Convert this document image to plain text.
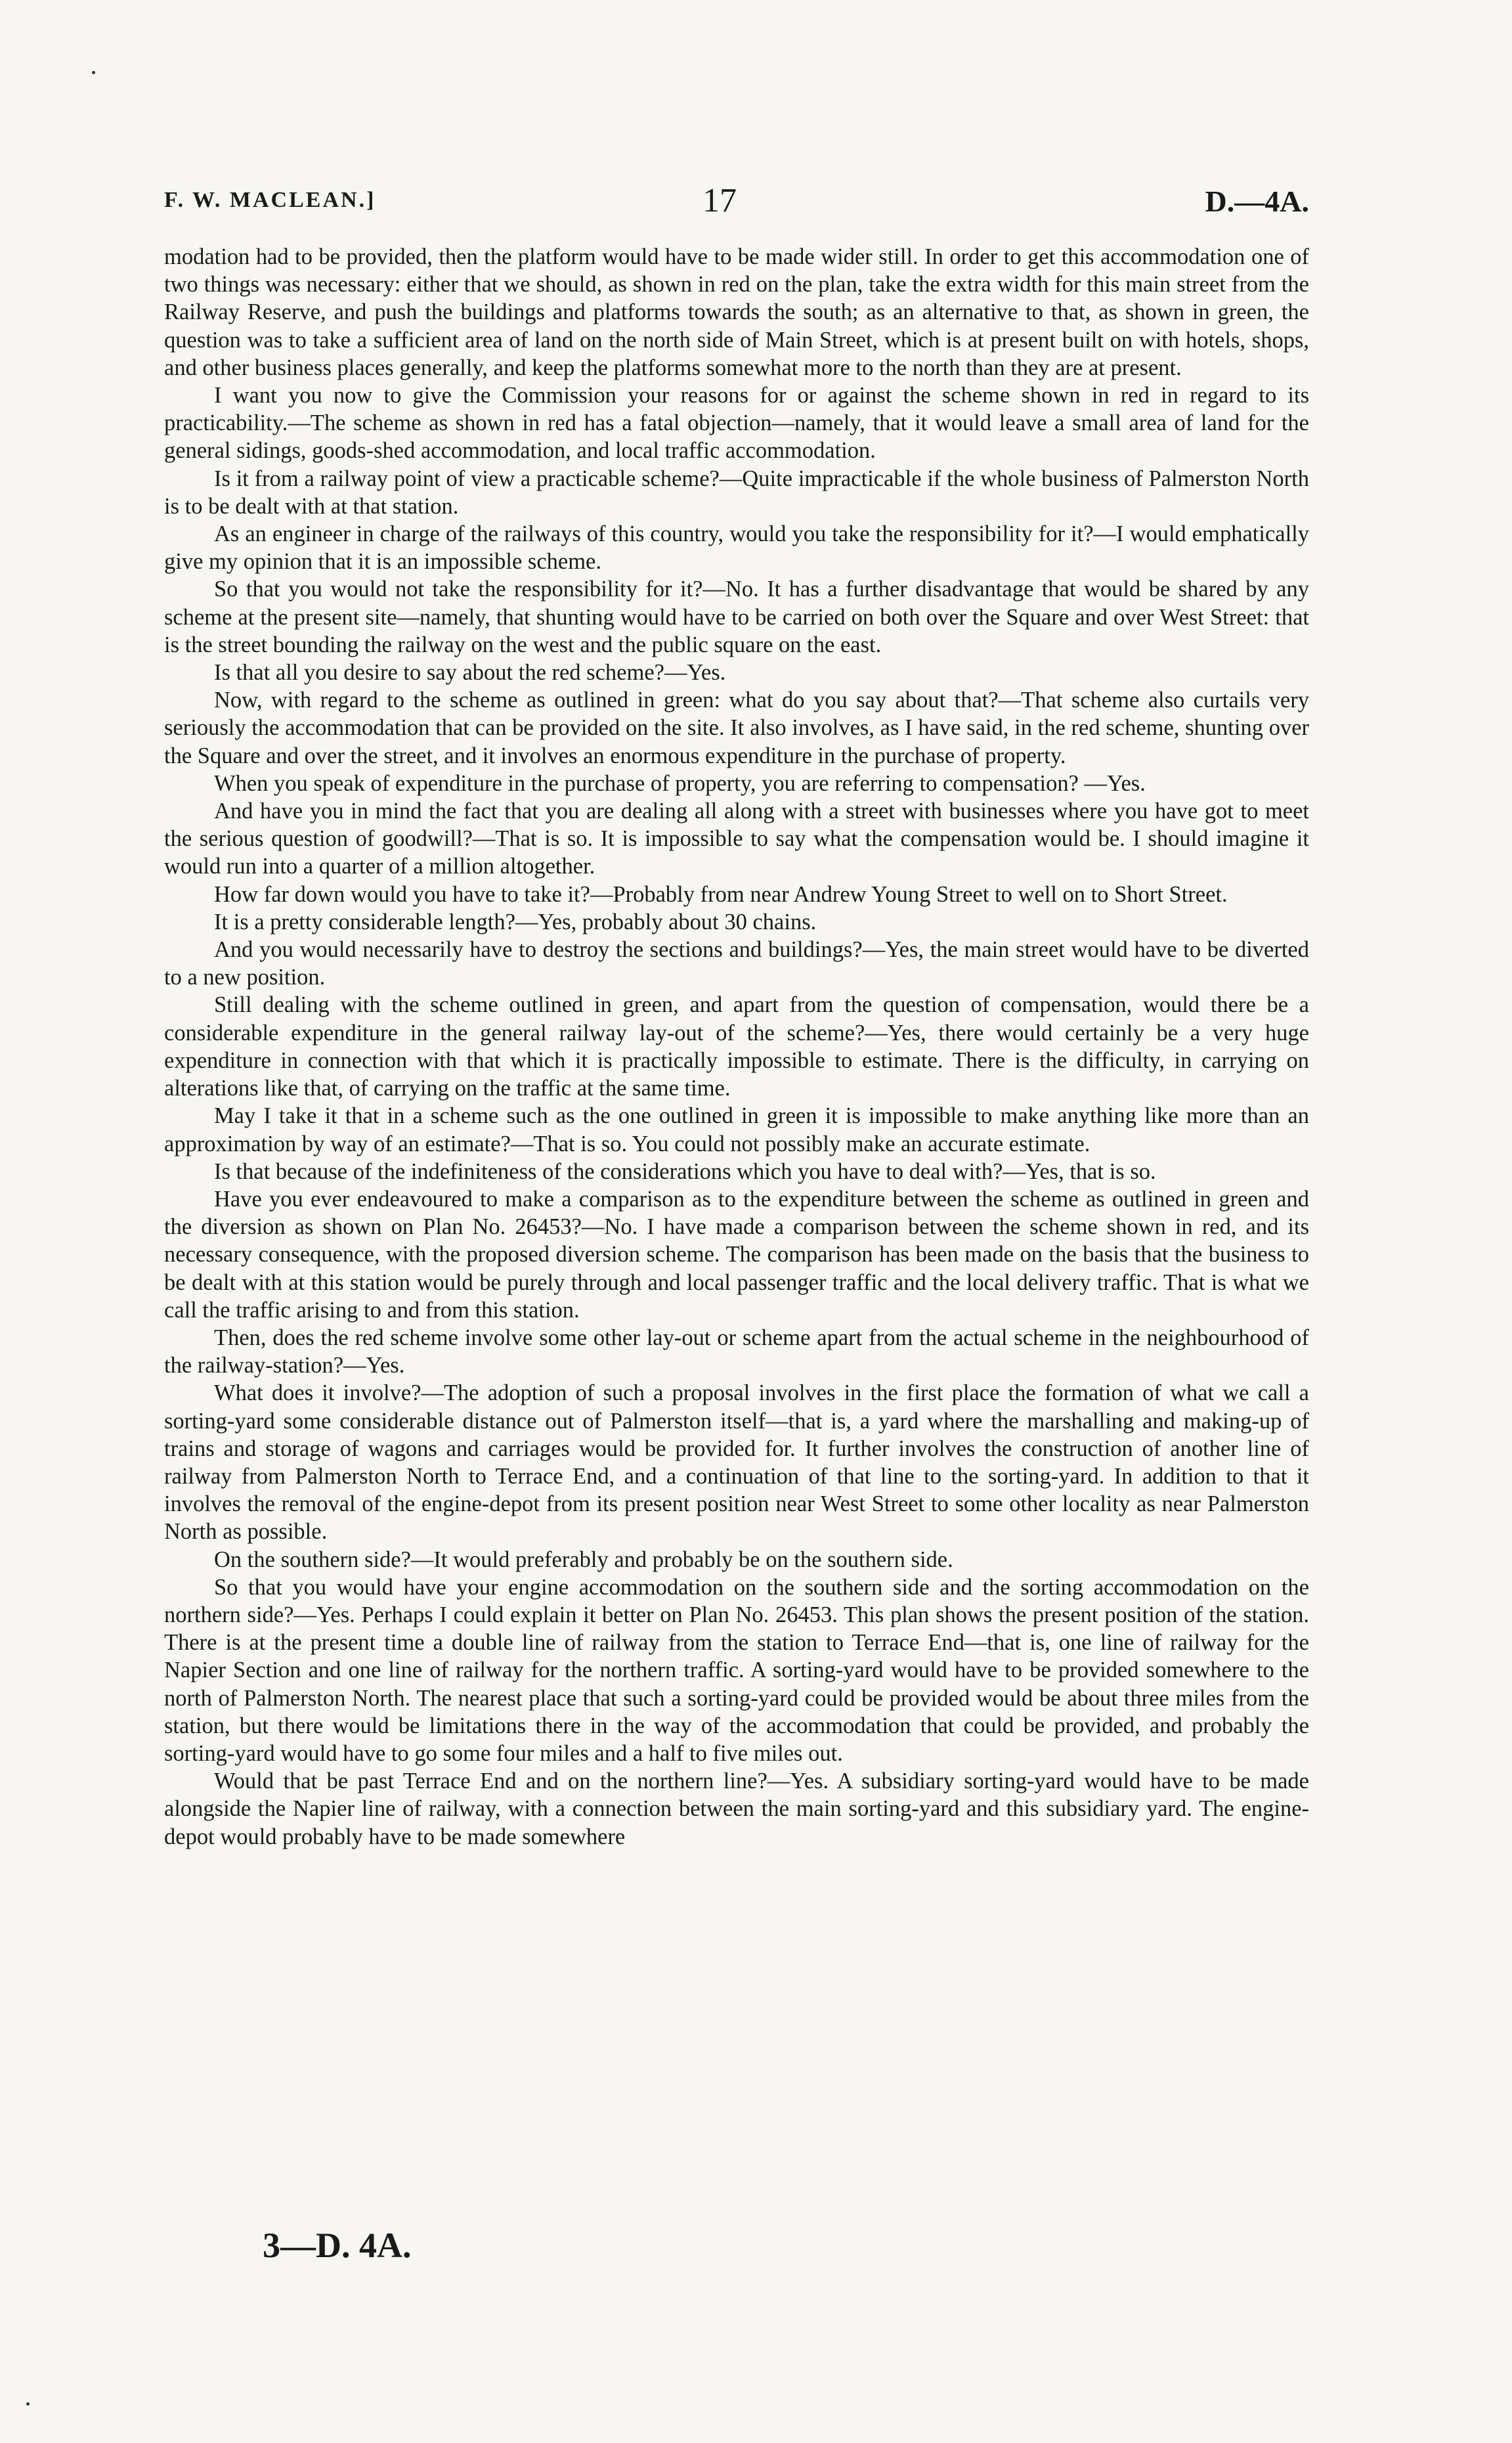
F. W. MACLEAN.]	17	D.—4A.

modation had to be provided, then the platform would have to be made wider still. In order to get this accommodation one of two things was necessary: either that we should, as shown in red on the plan, take the extra width for this main street from the Railway Reserve, and push the buildings and platforms towards the south; as an alternative to that, as shown in green, the question was to take a sufficient area of land on the north side of Main Street, which is at present built on with hotels, shops, and other business places generally, and keep the platforms somewhat more to the north than they are at present.

I want you now to give the Commission your reasons for or against the scheme shown in red in regard to its practicability.—The scheme as shown in red has a fatal objection—namely, that it would leave a small area of land for the general sidings, goods-shed accommodation, and local traffic accommodation.

Is it from a railway point of view a practicable scheme?—Quite impracticable if the whole business of Palmerston North is to be dealt with at that station.

As an engineer in charge of the railways of this country, would you take the responsibility for it?—I would emphatically give my opinion that it is an impossible scheme.

So that you would not take the responsibility for it?—No. It has a further disadvantage that would be shared by any scheme at the present site—namely, that shunting would have to be carried on both over the Square and over West Street: that is the street bounding the railway on the west and the public square on the east.

Is that all you desire to say about the red scheme?—Yes.

Now, with regard to the scheme as outlined in green: what do you say about that?—That scheme also curtails very seriously the accommodation that can be provided on the site. It also involves, as I have said, in the red scheme, shunting over the Square and over the street, and it involves an enormous expenditure in the purchase of property.

When you speak of expenditure in the purchase of property, you are referring to compensation? —Yes.

And have you in mind the fact that you are dealing all along with a street with businesses where you have got to meet the serious question of goodwill?—That is so. It is impossible to say what the compensation would be. I should imagine it would run into a quarter of a million altogether.

How far down would you have to take it?—Probably from near Andrew Young Street to well on to Short Street.

It is a pretty considerable length?—Yes, probably about 30 chains.

And you would necessarily have to destroy the sections and buildings?—Yes, the main street would have to be diverted to a new position.

Still dealing with the scheme outlined in green, and apart from the question of compensation, would there be a considerable expenditure in the general railway lay-out of the scheme?—Yes, there would certainly be a very huge expenditure in connection with that which it is practically impossible to estimate. There is the difficulty, in carrying on alterations like that, of carrying on the traffic at the same time.

May I take it that in a scheme such as the one outlined in green it is impossible to make anything like more than an approximation by way of an estimate?—That is so. You could not possibly make an accurate estimate.

Is that because of the indefiniteness of the considerations which you have to deal with?—Yes, that is so.

Have you ever endeavoured to make a comparison as to the expenditure between the scheme as outlined in green and the diversion as shown on Plan No. 26453?—No. I have made a comparison between the scheme shown in red, and its necessary consequence, with the proposed diversion scheme. The comparison has been made on the basis that the business to be dealt with at this station would be purely through and local passenger traffic and the local delivery traffic. That is what we call the traffic arising to and from this station.

Then, does the red scheme involve some other lay-out or scheme apart from the actual scheme in the neighbourhood of the railway-station?—Yes.

What does it involve?—The adoption of such a proposal involves in the first place the formation of what we call a sorting-yard some considerable distance out of Palmerston itself—that is, a yard where the marshalling and making-up of trains and storage of wagons and carriages would be provided for. It further involves the construction of another line of railway from Palmerston North to Terrace End, and a continuation of that line to the sorting-yard. In addition to that it involves the removal of the engine-depot from its present position near West Street to some other locality as near Palmerston North as possible.

On the southern side?—It would preferably and probably be on the southern side.

So that you would have your engine accommodation on the southern side and the sorting accommodation on the northern side?—Yes. Perhaps I could explain it better on Plan No. 26453. This plan shows the present position of the station. There is at the present time a double line of railway from the station to Terrace End—that is, one line of railway for the Napier Section and one line of railway for the northern traffic. A sorting-yard would have to be provided somewhere to the north of Palmerston North. The nearest place that such a sorting-yard could be provided would be about three miles from the station, but there would be limitations there in the way of the accommodation that could be provided, and probably the sorting-yard would have to go some four miles and a half to five miles out.

Would that be past Terrace End and on the northern line?—Yes. A subsidiary sorting-yard would have to be made alongside the Napier line of railway, with a connection between the main sorting-yard and this subsidiary yard. The engine-depot would probably have to be made somewhere

3—D. 4A.
